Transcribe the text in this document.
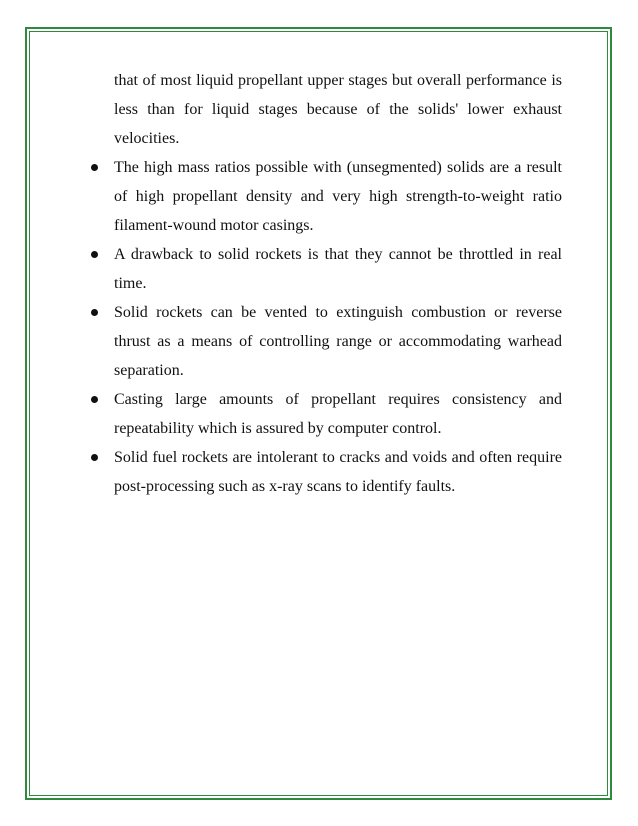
that of most liquid propellant upper stages but overall performance is less than for liquid stages because of the solids' lower exhaust velocities.

The high mass ratios possible with (unsegmented) solids are a result of high propellant density and very high strength-to-weight ratio filament-wound motor casings.
A drawback to solid rockets is that they cannot be throttled in real time.
Solid rockets can be vented to extinguish combustion or reverse thrust as a means of controlling range or accommodating warhead separation.
Casting large amounts of propellant requires consistency and repeatability which is assured by computer control.
Solid fuel rockets are intolerant to cracks and voids and often require post-processing such as x-ray scans to identify faults.
